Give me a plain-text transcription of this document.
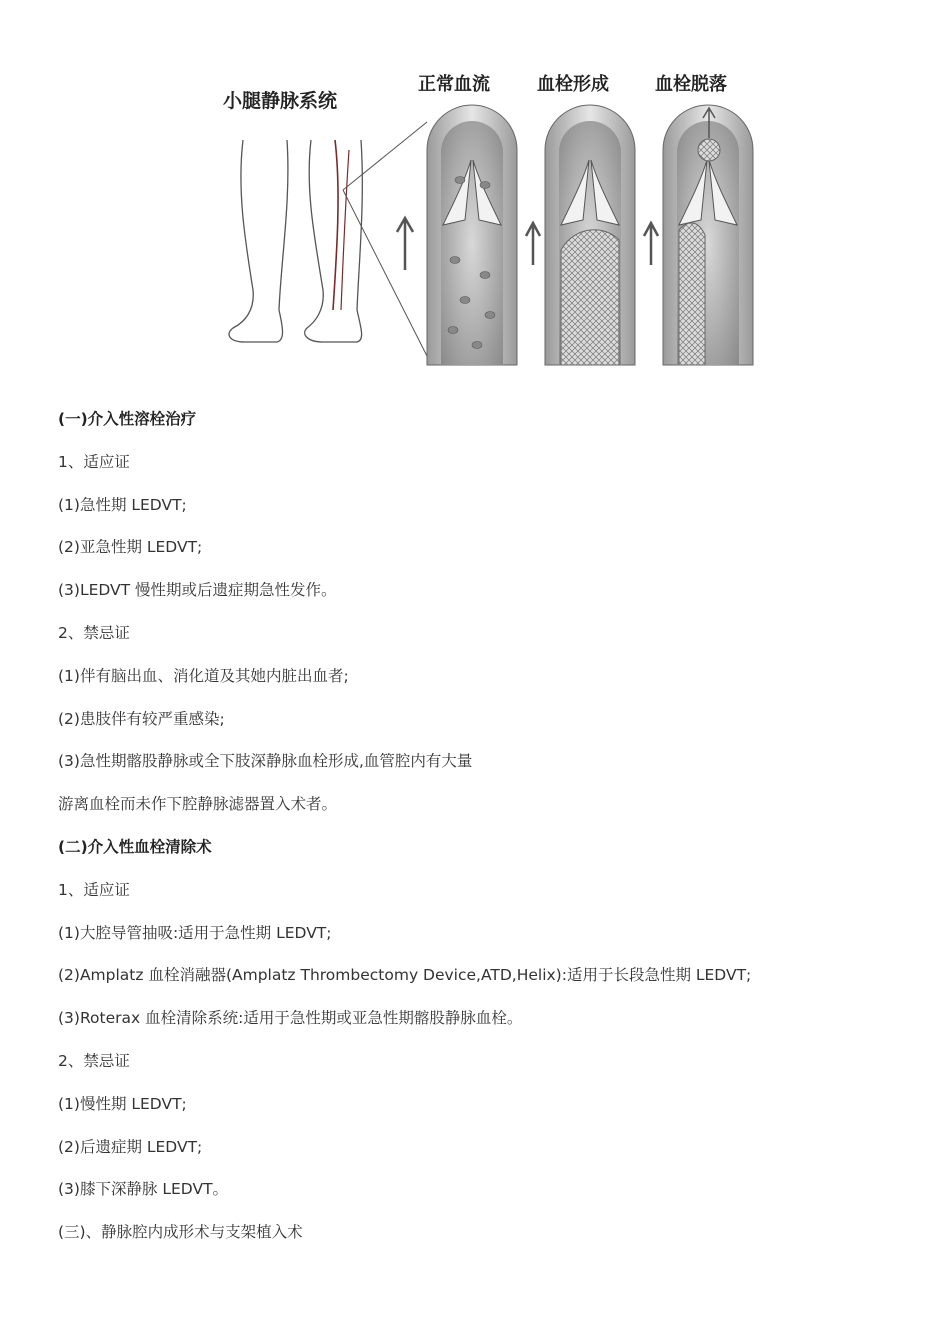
小腿静脉系统
正常血流	血栓形成	血栓脱落
(一)介入性溶栓治疗
1、适应证
(1)急性期 LEDVT;
(2)亚急性期 LEDVT;
(3)LEDVT 慢性期或后遗症期急性发作。
2、禁忌证
(1)伴有脑出血、消化道及其她内脏出血者;
(2)患肢伴有较严重感染;
(3)急性期髂股静脉或全下肢深静脉血栓形成,血管腔内有大量
游离血栓而未作下腔静脉滤器置入术者。
(二)介入性血栓清除术
1、适应证
(1)大腔导管抽吸:适用于急性期 LEDVT;
(2)Amplatz 血栓消融器(Amplatz Thrombectomy Device,ATD,Helix):适用于长段急性期 LEDVT;
(3)Roterax 血栓清除系统:适用于急性期或亚急性期髂股静脉血栓。
2、禁忌证
(1)慢性期 LEDVT;
(2)后遗症期 LEDVT;
(3)膝下深静脉 LEDVT。
(三)、静脉腔内成形术与支架植入术
